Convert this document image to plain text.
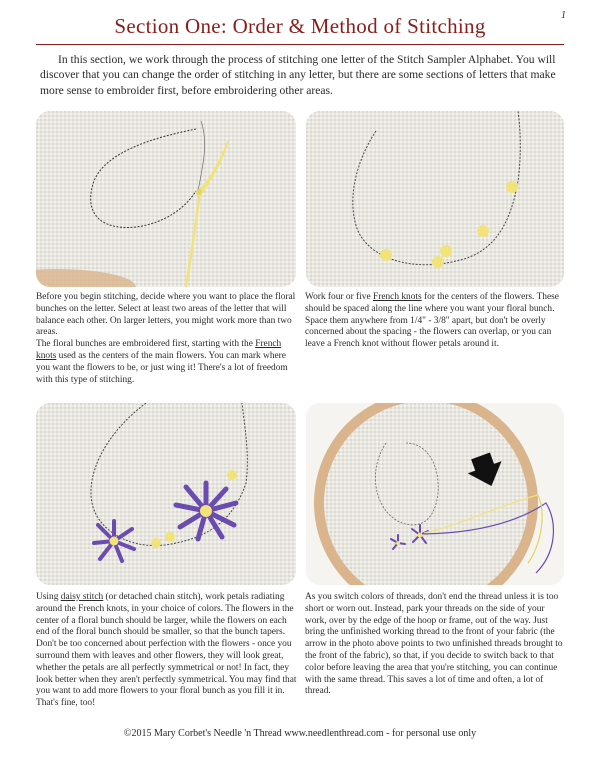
1
Section One: Order & Method of Stitching

In this section, we work through the process of stitching one letter of the Stitch Sampler Alphabet. You will discover that you can change the order of stitching in any letter, but there are some sections of letters that make more sense to embroider first, before embroidering other areas.

Before you begin stitching, decide where you want to place the floral bunches on the letter. Select at least two areas of the letter that will balance each other. On larger letters, you might work more than two areas.

The floral bunches are embroidered first, starting with the French knots used as the centers of the main flowers. You can mark where you want the flowers to be, or just wing it! There's a lot of freedom with this type of stitching.

Work four or five French knots for the centers of the flowers. These should be spaced along the line where you want your floral bunch. Space them anywhere from 1/4" - 3/8" apart, but don't be overly concerned about the spacing - the flowers can overlap, or you can leave a French knot without flower petals around it.

Using daisy stitch (or detached chain stitch), work petals radiating around the French knots, in your choice of colors. The flowers in the center of a floral bunch should be larger, while the flowers on each end of the floral bunch should be smaller, so that the bunch tapers.

Don't be too concerned about perfection with the flowers - once you surround them with leaves and other flowers, they will look great, whether the petals are all perfectly symmetrical or not! In fact, they look better when they aren't perfectly symmetrical. You may find that you want to add more flowers to your floral bunch as you fill it in. That's fine, too!

As you switch colors of threads, don't end the thread unless it is too short or worn out. Instead, park your threads on the side of your work, over by the edge of the hoop or frame, out of the way. Just bring the unfinished working thread to the front of your fabric (the arrow in the photo above points to two unfinished threads brought to the front of the fabric), so that, if you decide to switch back to that color before leaving the area that you're stitching, you can continue with the same thread. This saves a lot of time and often, a lot of thread.

©2015 Mary Corbet's Needle 'n Thread www.needlenthread.com - for personal use only
